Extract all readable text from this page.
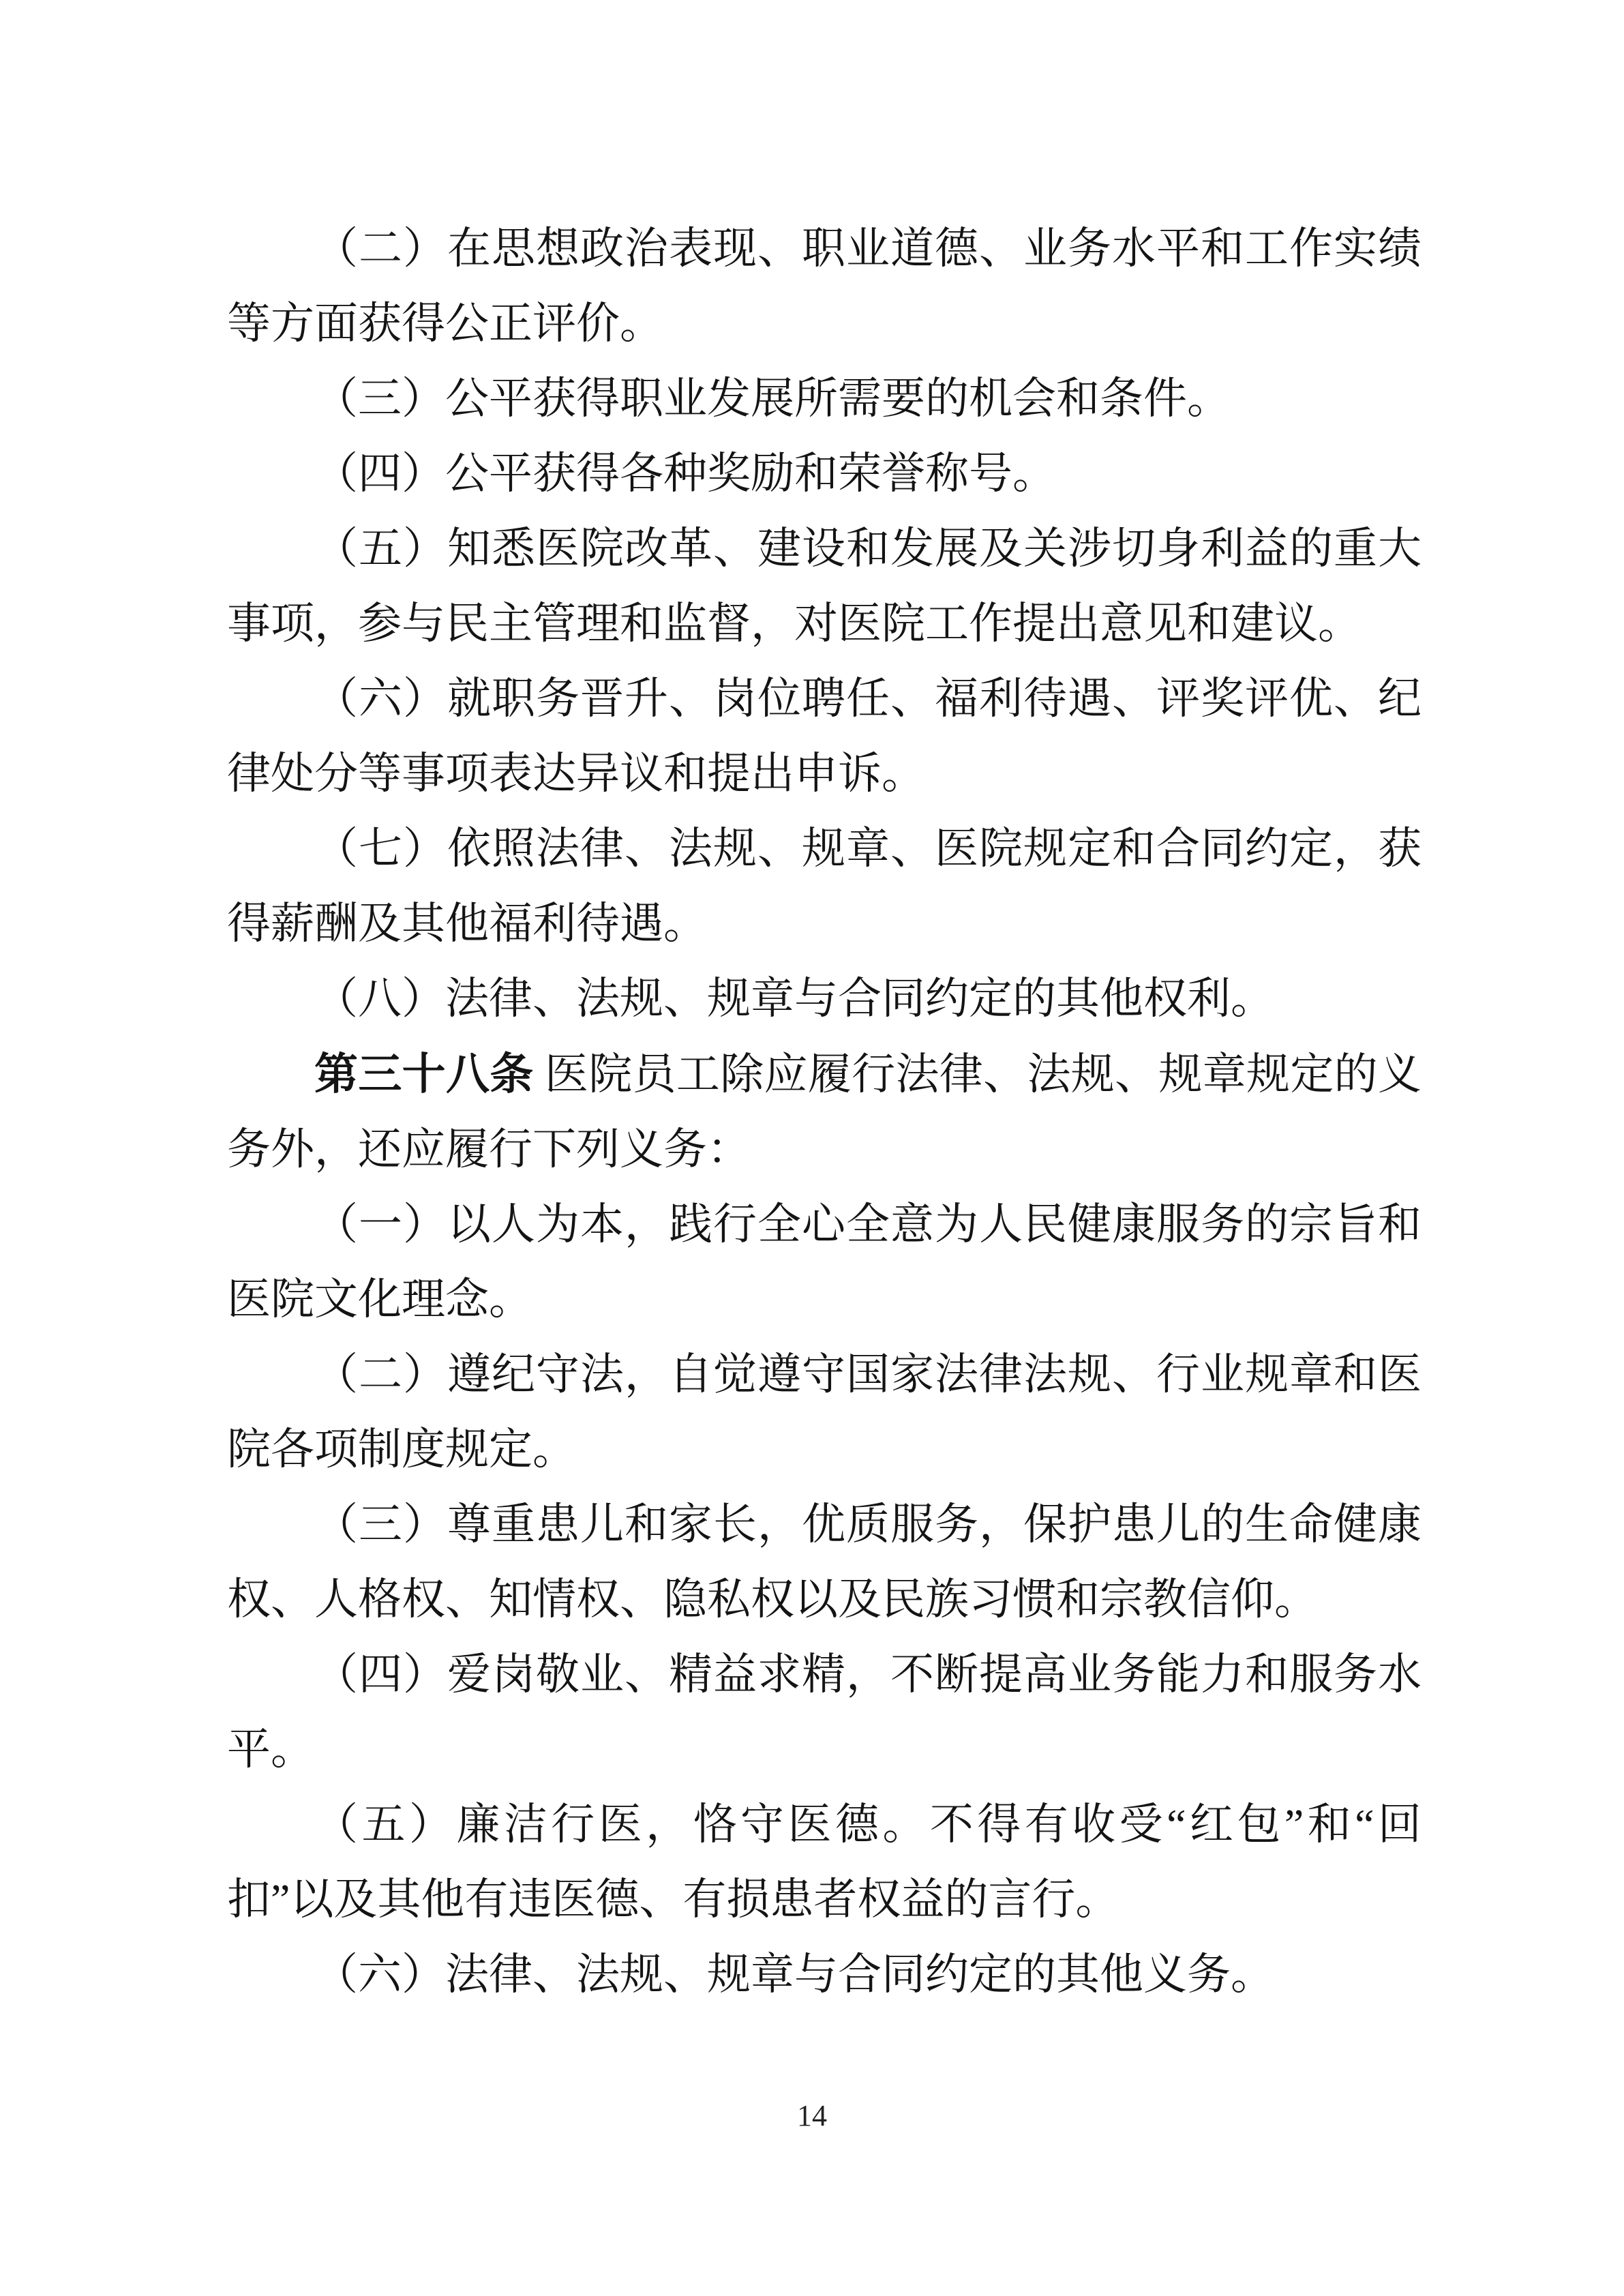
（二）在思想政治表现、职业道德、业务水平和工作实绩等方面获得公正评价。

（三）公平获得职业发展所需要的机会和条件。

（四）公平获得各种奖励和荣誉称号。

（五）知悉医院改革、建设和发展及关涉切身利益的重大事项，参与民主管理和监督，对医院工作提出意见和建议。

（六）就职务晋升、岗位聘任、福利待遇、评奖评优、纪律处分等事项表达异议和提出申诉。

（七）依照法律、法规、规章、医院规定和合同约定，获得薪酬及其他福利待遇。

（八）法律、法规、规章与合同约定的其他权利。

第三十八条 医院员工除应履行法律、法规、规章规定的义务外，还应履行下列义务：

（一）以人为本，践行全心全意为人民健康服务的宗旨和医院文化理念。

（二）遵纪守法，自觉遵守国家法律法规、行业规章和医院各项制度规定。

（三）尊重患儿和家长，优质服务，保护患儿的生命健康权、人格权、知情权、隐私权以及民族习惯和宗教信仰。

（四）爱岗敬业、精益求精，不断提高业务能力和服务水平。

（五）廉洁行医，恪守医德。不得有收受“红包”和“回扣”以及其他有违医德、有损患者权益的言行。

（六）法律、法规、规章与合同约定的其他义务。

14
